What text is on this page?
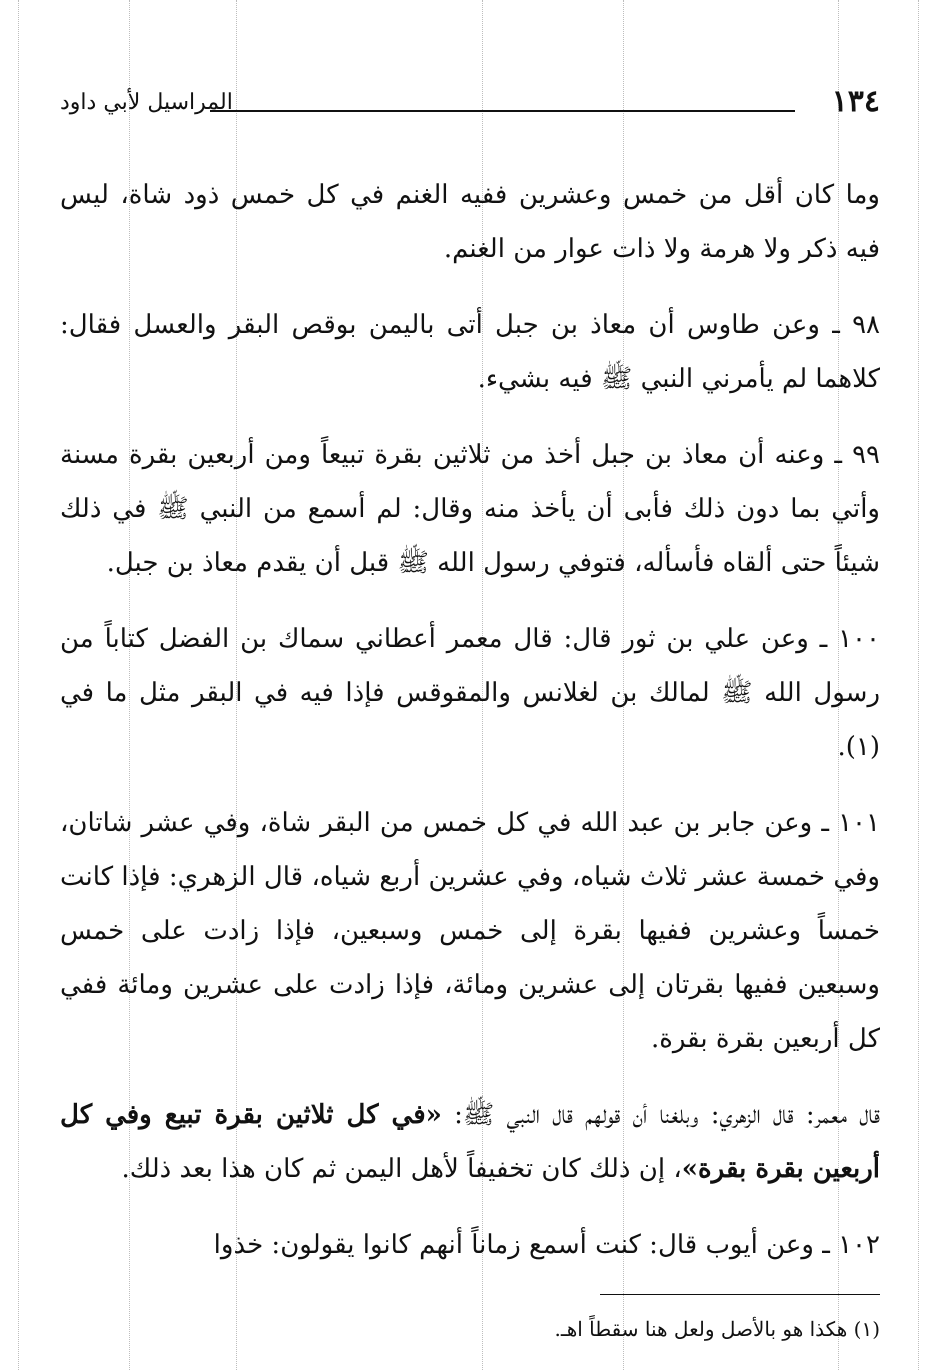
١٣٤
المراسيل لأبي داود

وما كان أقل من خمس وعشرين ففيه الغنم في كل خمس ذود شاة، ليس فيه ذكر ولا هرمة ولا ذات عوار من الغنم.

٩٨ ـ وعن طاوس أن معاذ بن جبل أتى باليمن بوقص البقر والعسل فقال: كلاهما لم يأمرني النبي ﷺ فيه بشيء.

٩٩ ـ وعنه أن معاذ بن جبل أخذ من ثلاثين بقرة تبيعاً ومن أربعين بقرة مسنة وأتي بما دون ذلك فأبى أن يأخذ منه وقال: لم أسمع من النبي ﷺ في ذلك شيئاً حتى ألقاه فأسأله، فتوفي رسول الله ﷺ قبل أن يقدم معاذ بن جبل.

١٠٠ ـ وعن علي بن ثور قال: قال معمر أعطاني سماك بن الفضل كتاباً من رسول الله ﷺ لمالك بن لغلانس والمقوقس فإذا فيه في البقر مثل ما في (١).

١٠١ ـ وعن جابر بن عبد الله في كل خمس من البقر شاة، وفي عشر شاتان، وفي خمسة عشر ثلاث شياه، وفي عشرين أربع شياه، قال الزهري: فإذا كانت خمساً وعشرين ففيها بقرة إلى خمس وسبعين، فإذا زادت على خمس وسبعين ففيها بقرتان إلى عشرين ومائة، فإذا زادت على عشرين ومائة ففي كل أربعين بقرة بقرة.

قال معمر: قال الزهري: وبلغنا أن قولهم قال النبي ﷺ: «في كل ثلاثين بقرة تبيع وفي كل أربعين بقرة بقرة»، إن ذلك كان تخفيفاً لأهل اليمن ثم كان هذا بعد ذلك.

١٠٢ ـ وعن أيوب قال: كنت أسمع زماناً أنهم كانوا يقولون: خذوا

(١) هكذا هو بالأصل ولعل هنا سقطاً اهـ.
